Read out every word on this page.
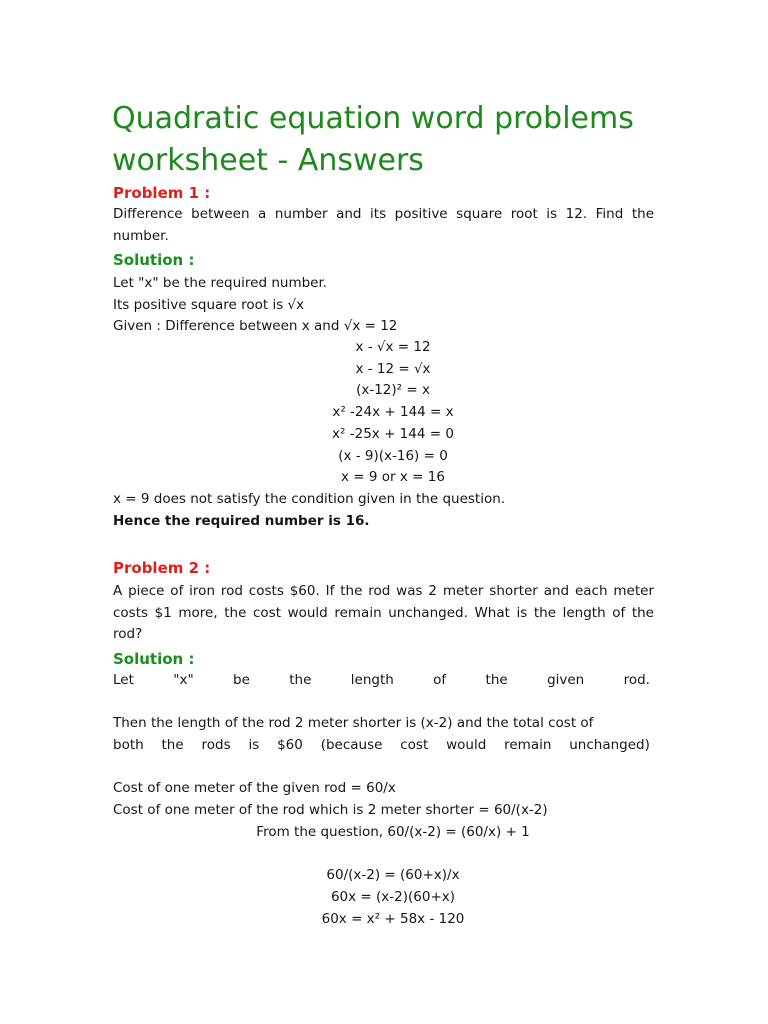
Quadratic equation word problems worksheet - Answers
Problem 1 :
Difference between a number and its positive square root is 12. Find the number.
Solution :
Let "x" be the required number.
Its positive square root is √x
Given : Difference between x and √x = 12
x - √x = 12
x - 12 = √x
(x-12)² = x
x² -24x + 144 = x
x² -25x + 144 = 0
(x - 9)(x-16) = 0
x = 9 or x = 16
x = 9 does not satisfy the condition given in the question.
Hence the required number is 16.
Problem 2 :
A piece of iron rod costs $60. If the rod was 2 meter shorter and each meter costs $1 more, the cost would remain unchanged. What is the length of the rod?
Solution :
Let	"x"	be	the	length	of	the	given	rod.
Then the length of the rod 2 meter shorter is (x-2) and the total cost of
both the rods is $60 (because cost would remain unchanged)
Cost of one meter of the given rod = 60/x
Cost of one meter of the rod which is 2 meter shorter = 60/(x-2)
From the question, 60/(x-2) = (60/x) + 1
60/(x-2) = (60+x)/x
60x = (x-2)(60+x)
60x = x² + 58x - 120
